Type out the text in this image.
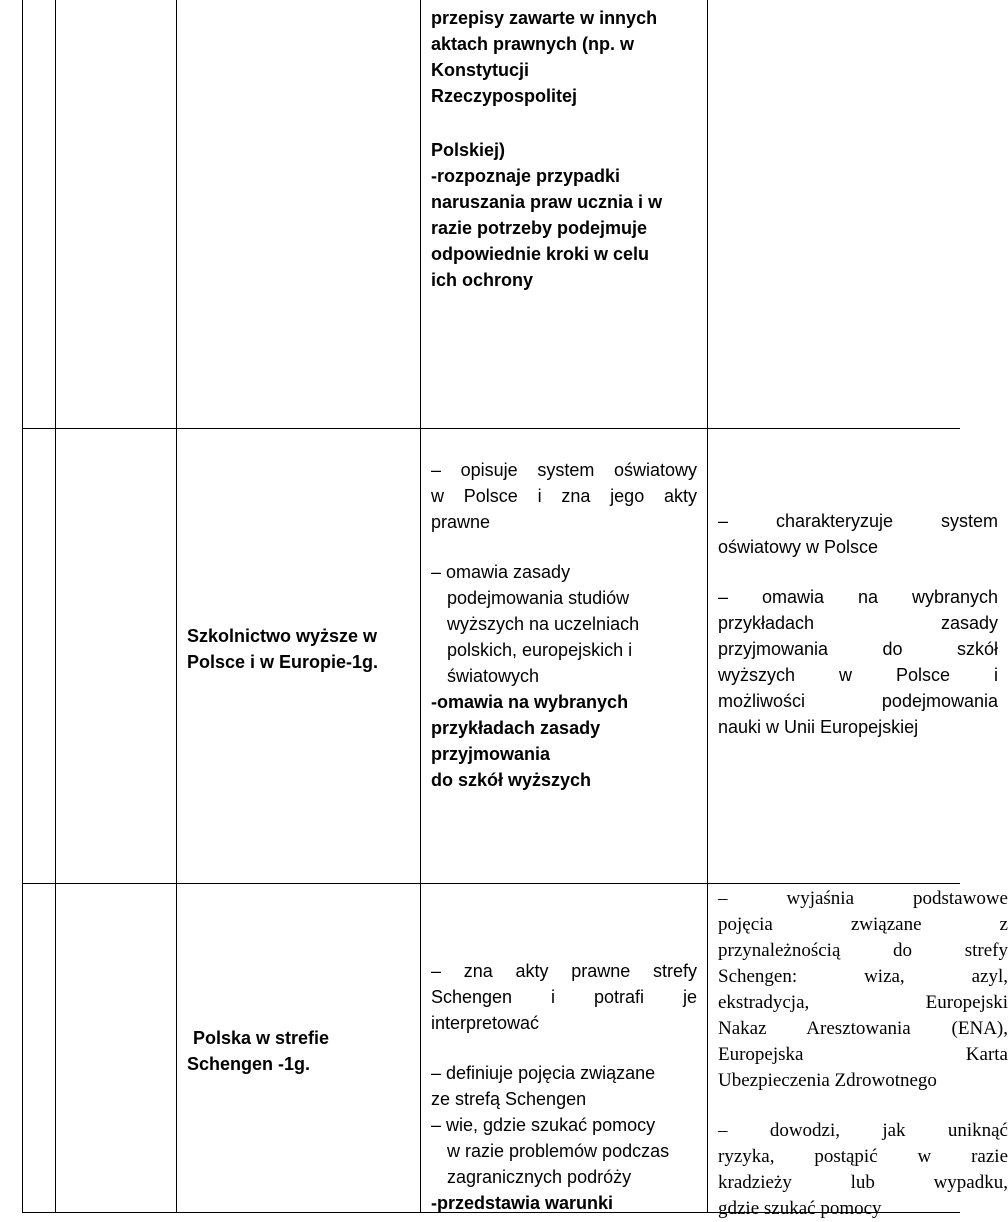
przepisy zawarte w innych

aktach prawnych (np. w

Konstytucji

Rzeczypospolitej

Polskiej)

-rozpoznaje przypadki

naruszania praw ucznia i w

razie potrzeby podejmuje

odpowiednie kroki w celu

ich ochrony

Szkolnictwo wyższe w

Polsce i w Europie-1g.

– opisuje system oświatowy

w Polsce i zna jego akty

prawne

– omawia zasady

podejmowania studiów

wyższych na uczelniach

polskich, europejskich i

światowych

-omawia na wybranych

przykładach zasady

przyjmowania

do szkół wyższych

– charakteryzuje system

oświatowy w Polsce

– omawia na wybranych

przykładach zasady

przyjmowania do szkół

wyższych w Polsce i

możliwości podejmowania

nauki w Unii Europejskiej

Polska w strefie

Schengen -1g.

– zna akty prawne strefy

Schengen i potrafi je

interpretować

– definiuje pojęcia związane

ze strefą Schengen

– wie, gdzie szukać pomocy

w razie problemów podczas

zagranicznych podróży

-przedstawia warunki

– wyjaśnia podstawowe

pojęcia związane z

przynależnością do strefy

Schengen: wiza, azyl,

ekstradycja, Europejski

Nakaz Aresztowania (ENA),

Europejska Karta

Ubezpieczenia Zdrowotnego

– dowodzi, jak uniknąć

ryzyka, postąpić w razie

kradzieży lub wypadku,

gdzie szukać pomocy
